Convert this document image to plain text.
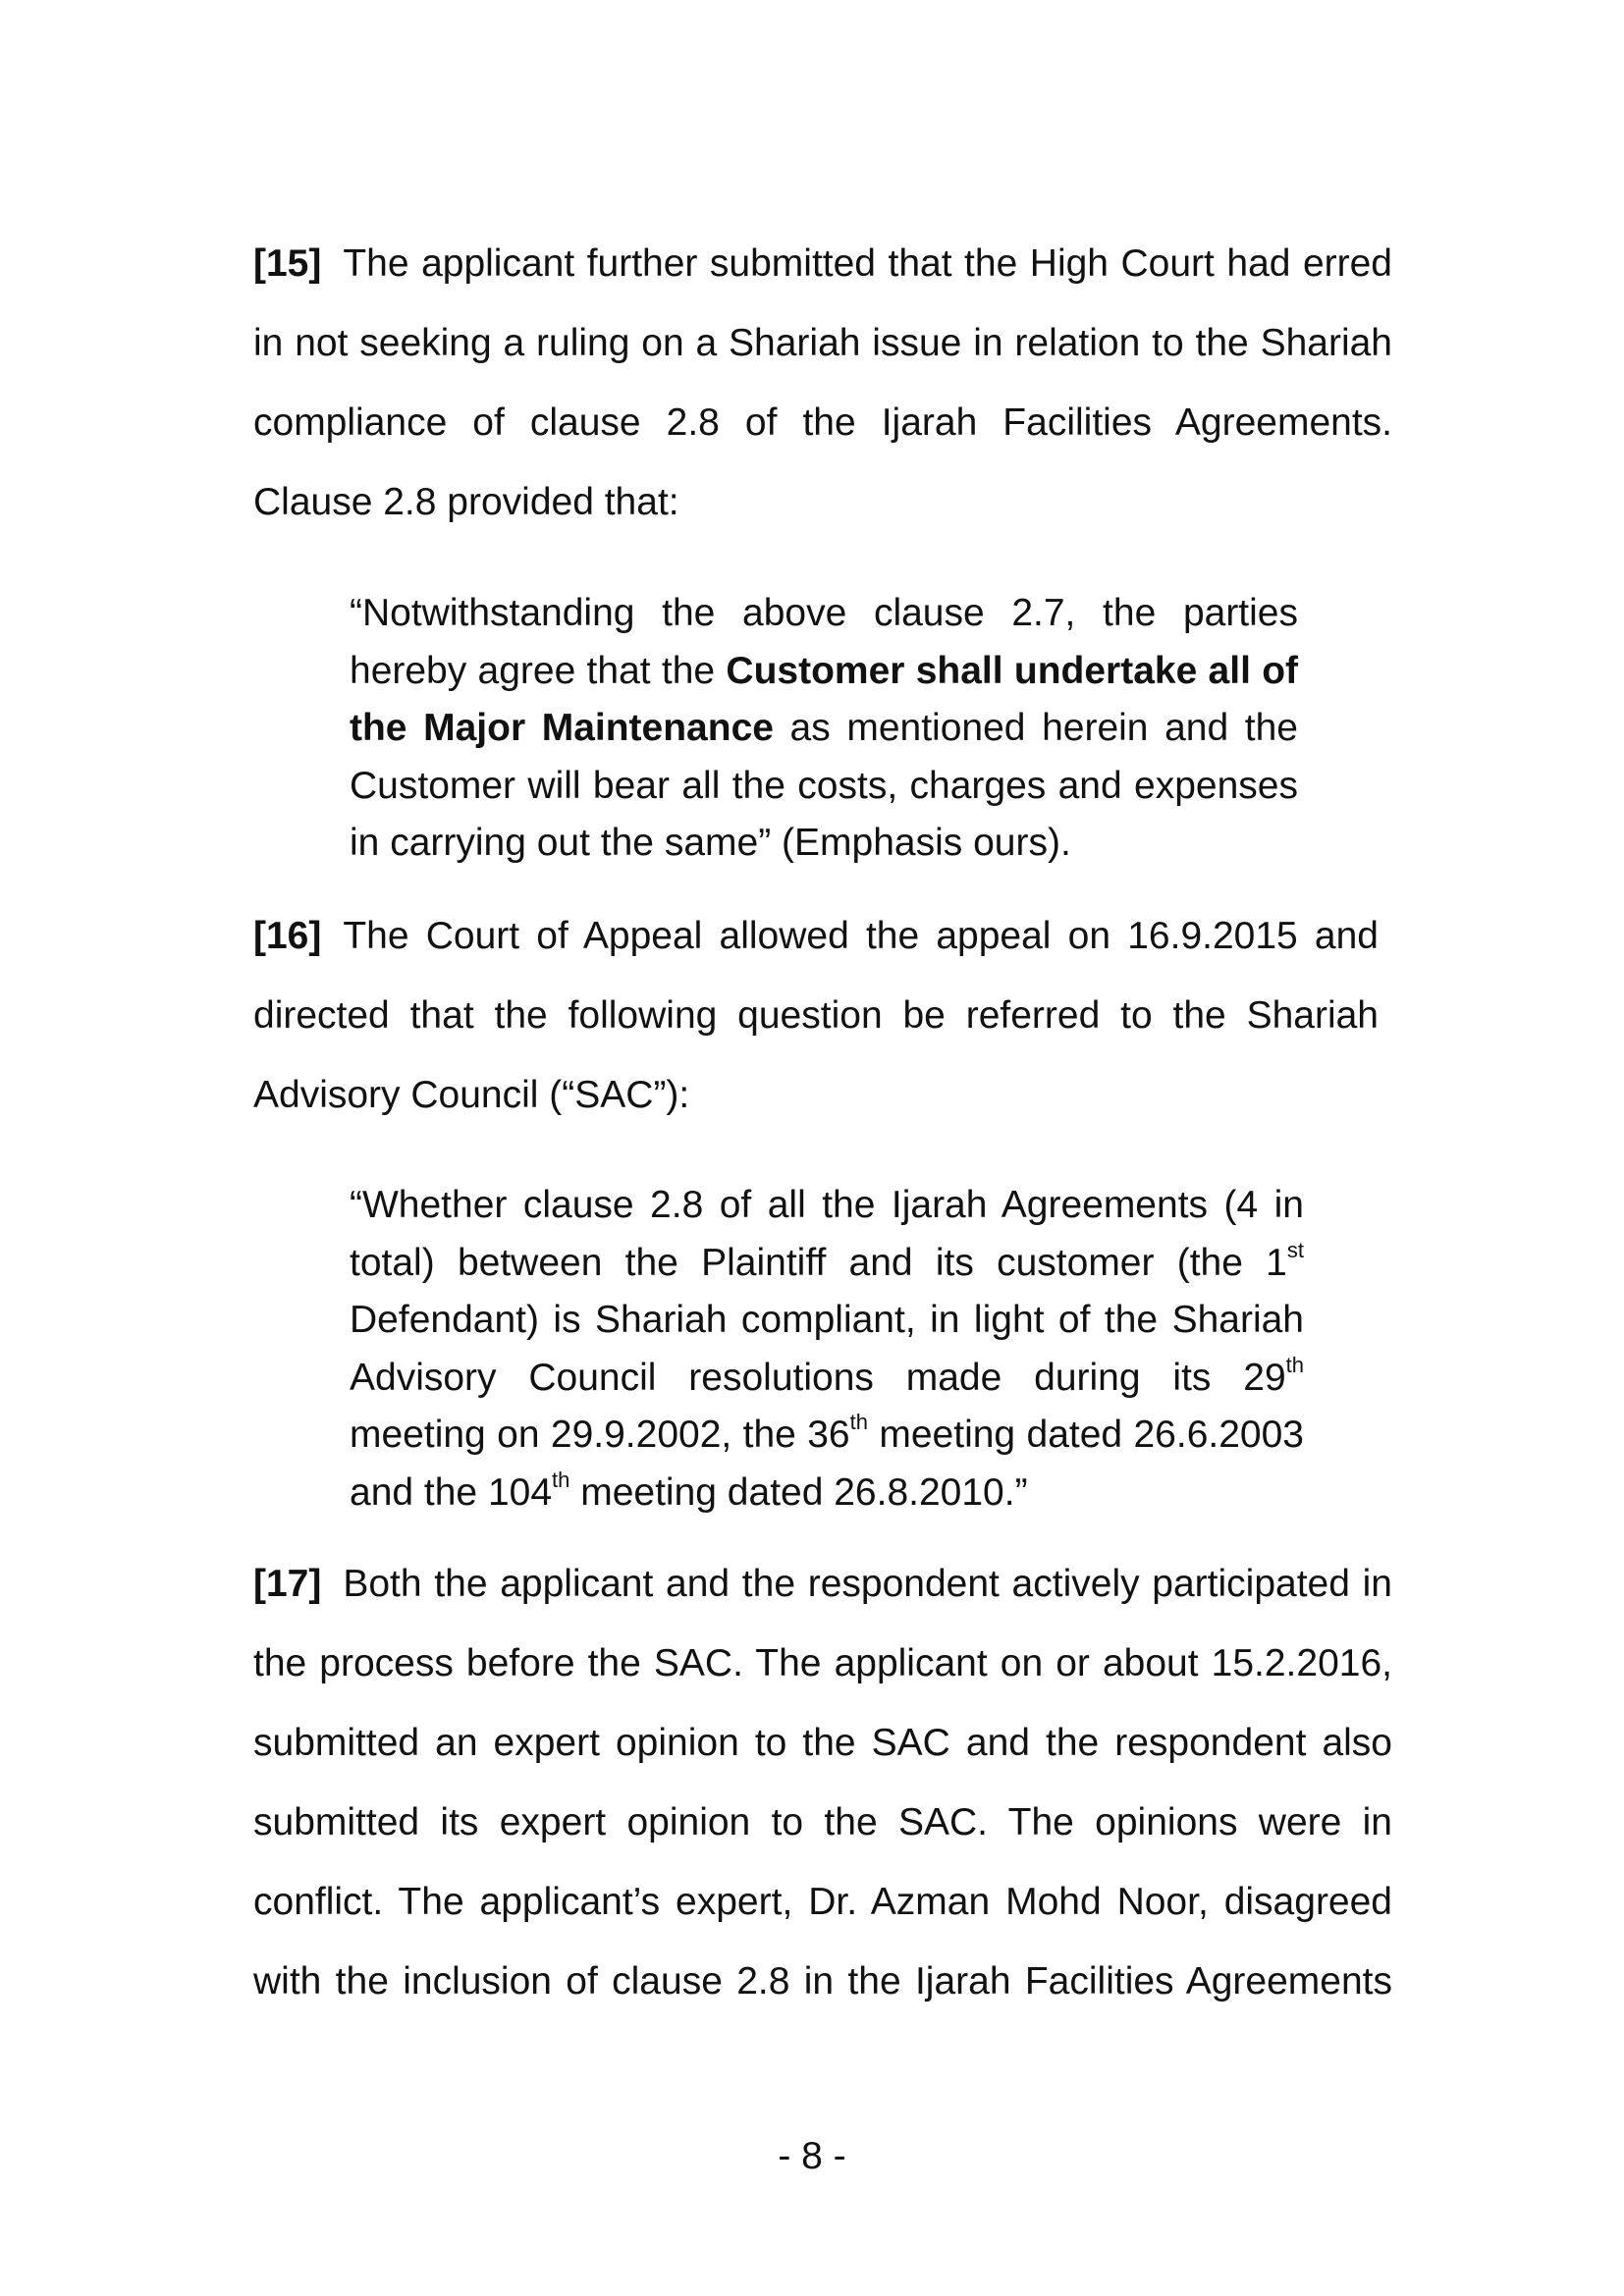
[15] The applicant further submitted that the High Court had erred in not seeking a ruling on a Shariah issue in relation to the Shariah compliance of clause 2.8 of the Ijarah Facilities Agreements. Clause 2.8 provided that:

“Notwithstanding the above clause 2.7, the parties hereby agree that the Customer shall undertake all of the Major Maintenance as mentioned herein and the Customer will bear all the costs, charges and expenses in carrying out the same” (Emphasis ours).

[16] The Court of Appeal allowed the appeal on 16.9.2015 and directed that the following question be referred to the Shariah Advisory Council (“SAC”):

“Whether clause 2.8 of all the Ijarah Agreements (4 in total) between the Plaintiff and its customer (the 1st Defendant) is Shariah compliant, in light of the Shariah Advisory Council resolutions made during its 29th meeting on 29.9.2002, the 36th meeting dated 26.6.2003 and the 104th meeting dated 26.8.2010.”

[17] Both the applicant and the respondent actively participated in the process before the SAC. The applicant on or about 15.2.2016, submitted an expert opinion to the SAC and the respondent also submitted its expert opinion to the SAC. The opinions were in conflict. The applicant’s expert, Dr. Azman Mohd Noor, disagreed with the inclusion of clause 2.8 in the Ijarah Facilities Agreements

- 8 -
